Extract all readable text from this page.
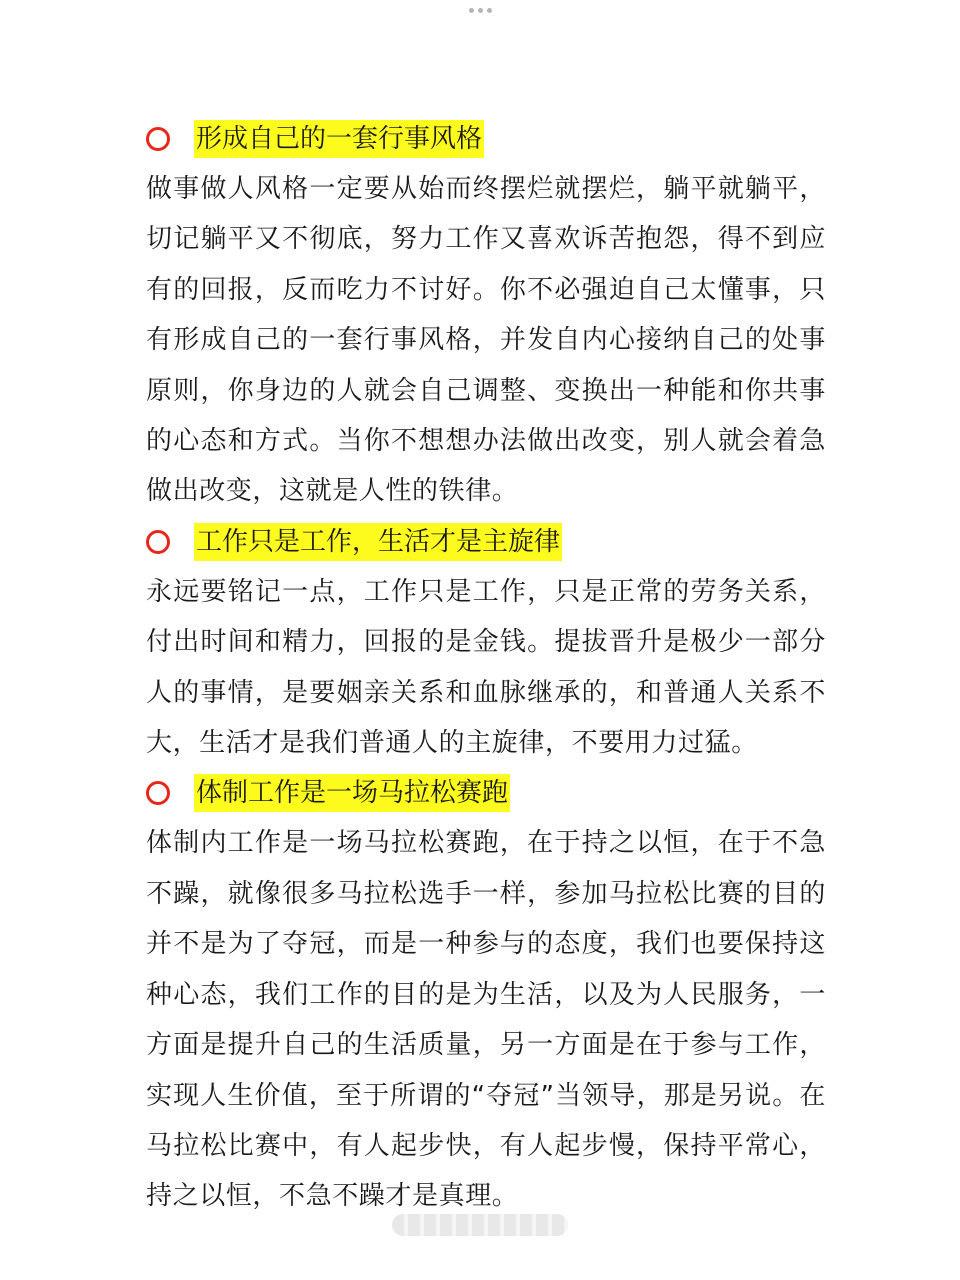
形成自己的一套行事风格

做事做人风格一定要从始而终摆烂就摆烂，躺平就躺平，切记躺平又不彻底，努力工作又喜欢诉苦抱怨，得不到应有的回报，反而吃力不讨好。你不必强迫自己太懂事，只有形成自己的一套行事风格，并发自内心接纳自己的处事原则，你身边的人就会自己调整、变换出一种能和你共事的心态和方式。当你不想想办法做出改变，别人就会着急做出改变，这就是人性的铁律。

工作只是工作，生活才是主旋律

永远要铭记一点，工作只是工作，只是正常的劳务关系，付出时间和精力，回报的是金钱。提拔晋升是极少一部分人的事情，是要姻亲关系和血脉继承的，和普通人关系不大，生活才是我们普通人的主旋律，不要用力过猛。

体制工作是一场马拉松赛跑

体制内工作是一场马拉松赛跑，在于持之以恒，在于不急不躁，就像很多马拉松选手一样，参加马拉松比赛的目的并不是为了夺冠，而是一种参与的态度，我们也要保持这种心态，我们工作的目的是为生活，以及为人民服务，一方面是提升自己的生活质量，另一方面是在于参与工作，实现人生价值，至于所谓的“夺冠”当领导，那是另说。在马拉松比赛中，有人起步快，有人起步慢，保持平常心，持之以恒，不急不躁才是真理。
